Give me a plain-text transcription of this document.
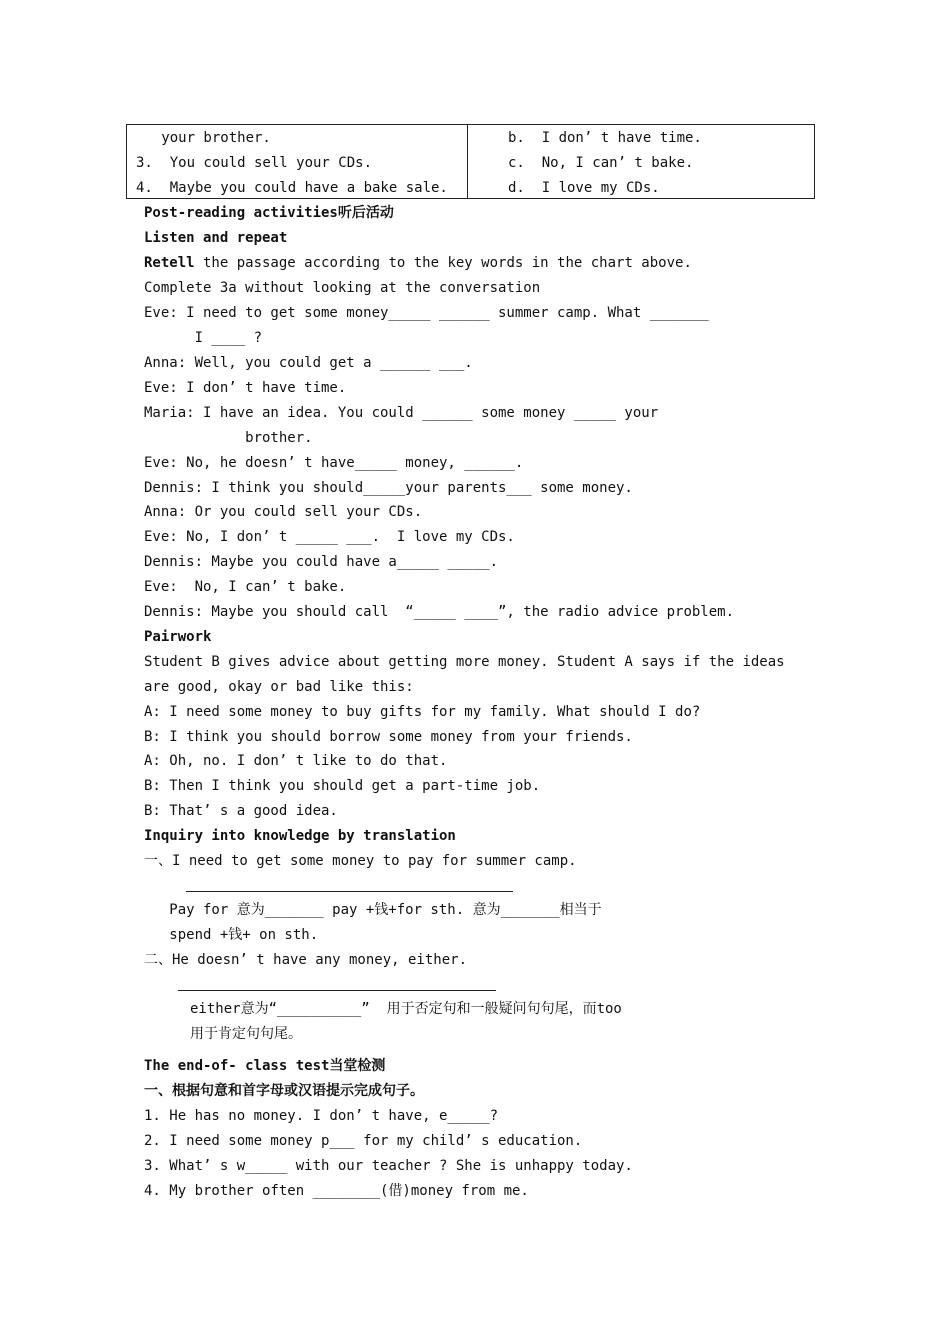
your brother.
3.  You could sell your CDs.
4.  Maybe you could have a bake sale.
b.  I don’ t have time.
c.  No, I can’ t bake.
d.  I love my CDs.
Post-reading activities听后活动
Listen and repeat
Retell the passage according to the key words in the chart above.
Complete 3a without looking at the conversation
Eve: I need to get some money_____ ______ summer camp. What _______
I ____ ?
Anna: Well, you could get a ______ ___.
Eve: I don’ t have time.
Maria: I have an idea. You could ______ some money _____ your
brother.
Eve: No, he doesn’ t have_____ money, ______.
Dennis: I think you should_____your parents___ some money.
Anna: Or you could sell your CDs.
Eve: No, I don’ t _____ ___.  I love my CDs.
Dennis: Maybe you could have a_____ _____.
Eve:  No, I can’ t bake.
Dennis: Maybe you should call  “_____ ____”, the radio advice problem.
Pairwork
Student B gives advice about getting more money. Student A says if the ideas
are good, okay or bad like this:
A: I need some money to buy gifts for my family. What should I do?
B: I think you should borrow some money from your friends.
A: Oh, no. I don’ t like to do that.
B: Then I think you should get a part-time job.
B: That’ s a good idea.
Inquiry into knowledge by translation
一、I need to get some money to pay for summer camp.
Pay for 意为_______ pay +钱+for sth. 意为_______相当于
spend +钱+ on sth.
二、He doesn’ t have any money, either.
either意为“__________”  用于否定句和一般疑问句句尾，而too
用于肯定句句尾。
The end-of- class test当堂检测
一、根据句意和首字母或汉语提示完成句子。
1. He has no money. I don’ t have, e_____?
2. I need some money p___ for my child’ s education.
3. What’ s w_____ with our teacher ? She is unhappy today.
4. My brother often ________(借)money from me.
